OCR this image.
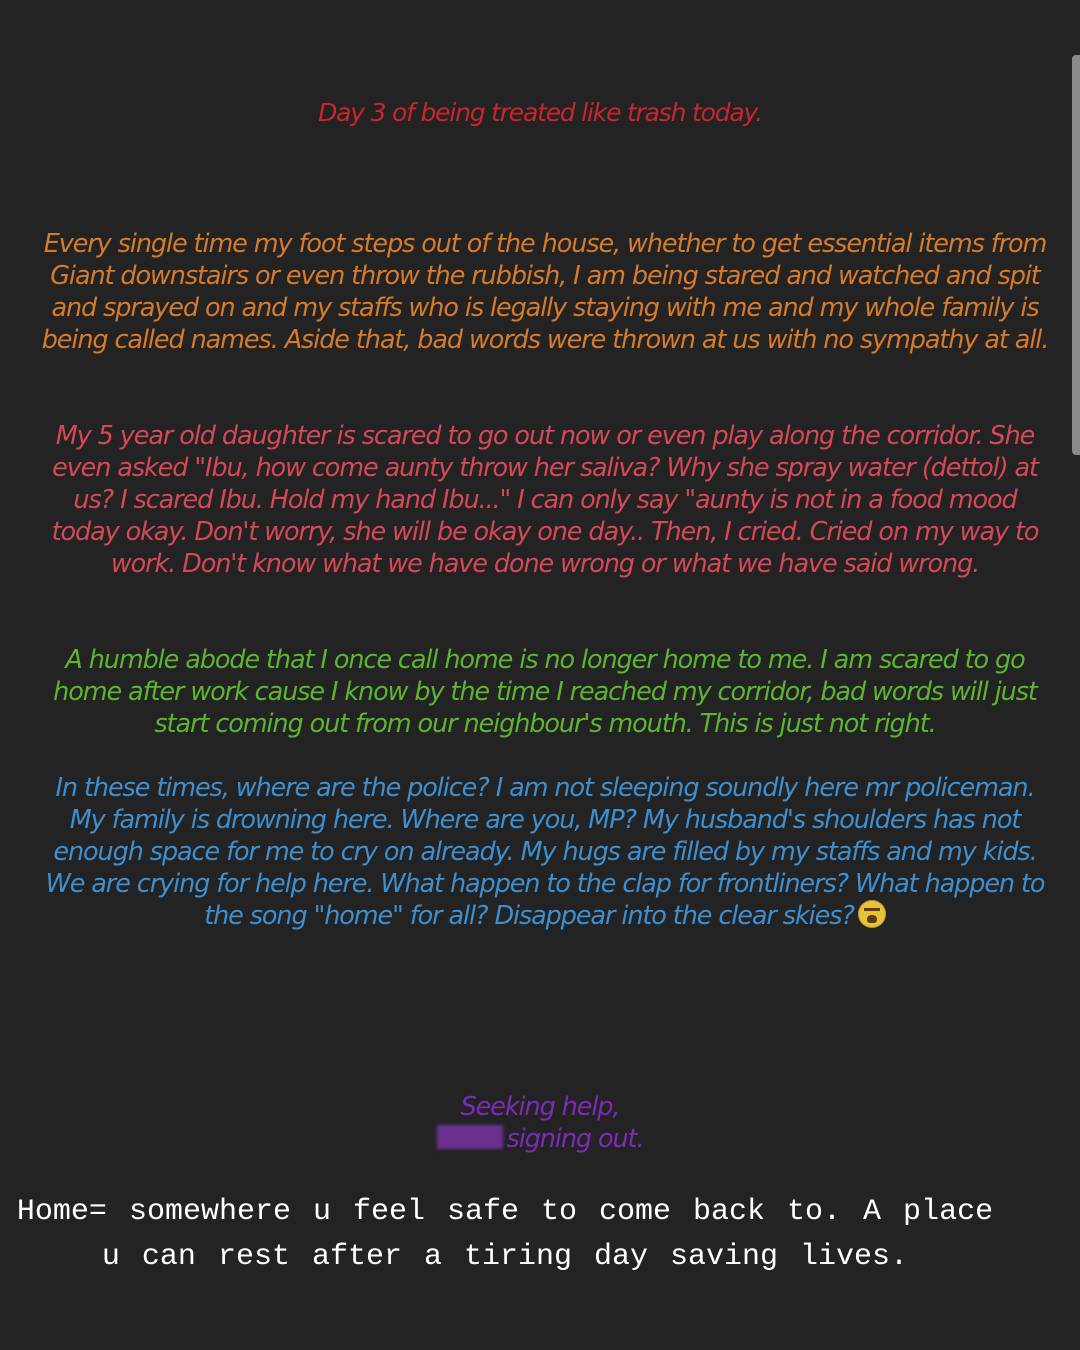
Day 3 of being treated like trash today.

Every single time my foot steps out of the house, whether to get essential items from Giant downstairs or even throw the rubbish, I am being stared and watched and spit and sprayed on and my staffs who is legally staying with me and my whole family is being called names. Aside that, bad words were thrown at us with no sympathy at all.

My 5 year old daughter is scared to go out now or even play along the corridor. She even asked "Ibu, how come aunty throw her saliva? Why she spray water (dettol) at us? I scared Ibu. Hold my hand Ibu..." I can only say "aunty is not in a food mood today okay. Don't worry, she will be okay one day.. Then, I cried. Cried on my way to work. Don't know what we have done wrong or what we have said wrong.

A humble abode that I once call home is no longer home to me. I am scared to go home after work cause I know by the time I reached my corridor, bad words will just start coming out from our neighbour's mouth. This is just not right.

In these times, where are the police? I am not sleeping soundly here mr policeman. My family is drowning here. Where are you, MP? My husband's shoulders has not enough space for me to cry on already. My hugs are filled by my staffs and my kids. We are crying for help here. What happen to the clap for frontliners? What happen to the song "home" for all? Disappear into the clear skies?

Seeking help,
signing out.

Home= somewhere u feel safe to come back to. A place u can rest after a tiring day saving lives.
